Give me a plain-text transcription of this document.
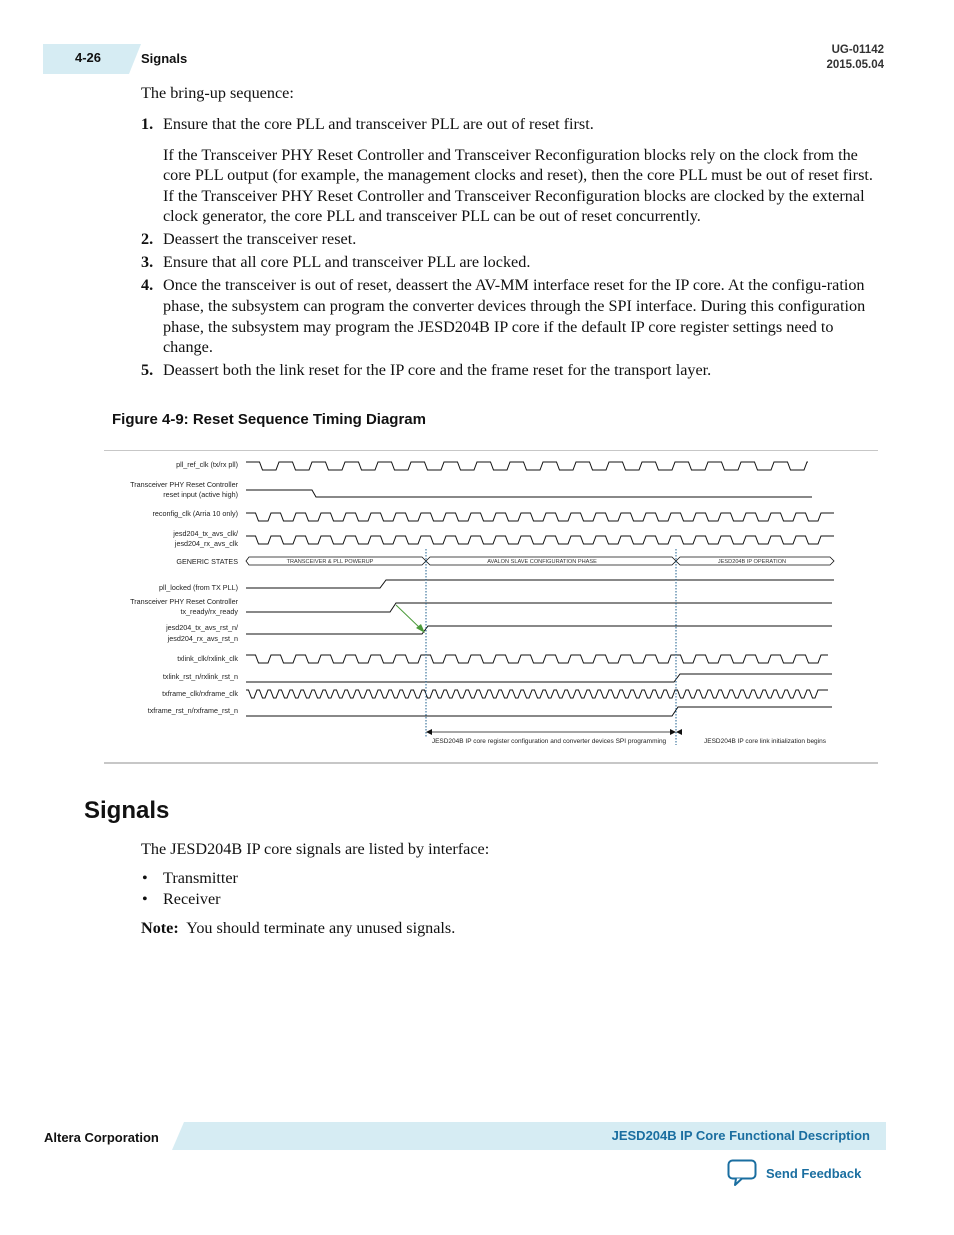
4-26	Signals
UG-01142
2015.05.04

The bring-up sequence:

1. Ensure that the core PLL and transceiver PLL are out of reset first.
If the Transceiver PHY Reset Controller and Transceiver Reconfiguration blocks rely on the clock from the core PLL output (for example, the management clocks and reset), then the core PLL must be out of reset first. If the Transceiver PHY Reset Controller and Transceiver Reconfiguration blocks are clocked by the external clock generator, the core PLL and transceiver PLL can be out of reset concurrently.
2. Deassert the transceiver reset.
3. Ensure that all core PLL and transceiver PLL are locked.
4. Once the transceiver is out of reset, deassert the AV-MM interface reset for the IP core. At the configu-ration phase, the subsystem can program the converter devices through the SPI interface. During this configuration phase, the subsystem may program the JESD204B IP core if the default IP core register settings need to change.
5. Deassert both the link reset for the IP core and the frame reset for the transport layer.
Figure 4-9: Reset Sequence Timing Diagram
pll_ref_clk (tx/rx pll)
Transceiver PHY Reset Controller
reset input (active high)
reconfig_clk (Arria 10 only)
jesd204_tx_avs_clk/
jesd204_rx_avs_clk
GENERIC STATES
pll_locked (from TX PLL)
Transceiver PHY Reset Controller
tx_ready/rx_ready
jesd204_tx_avs_rst_n/
jesd204_rx_avs_rst_n
txlink_clk/rxlink_clk
txlink_rst_n/rxlink_rst_n
txframe_clk/rxframe_clk
txframe_rst_n/rxframe_rst_n
TRANSCEIVER & PLL POWERUP	AVALON SLAVE CONFIGURATION PHASE	JESD204B IP OPERATION
JESD204B IP core register configuration and converter devices SPI programming	JESD204B IP core link initialization begins
Signals

The JESD204B IP core signals are listed by interface:

• Transmitter
• Receiver
Note: You should terminate any unused signals.
Altera Corporation	JESD204B IP Core Functional Description
Send Feedback
